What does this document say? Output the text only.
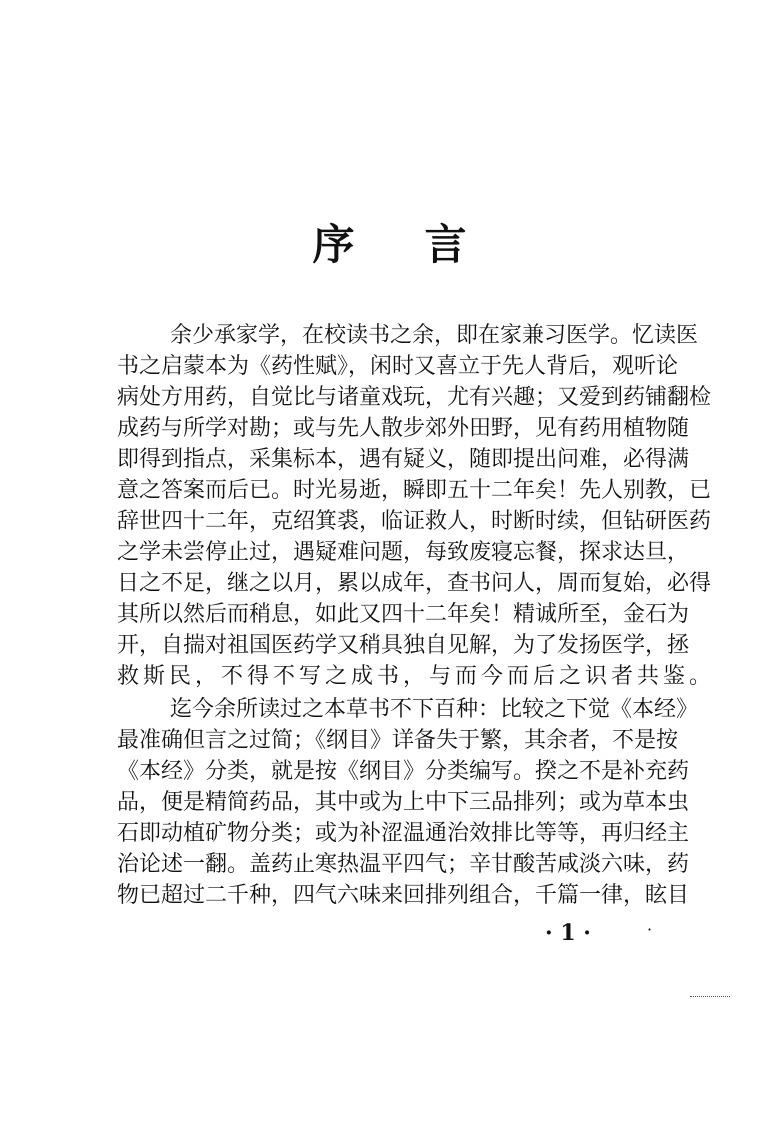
序 言
余少承家学，在校读书之余，即在家兼习医学。忆读医
书之启蒙本为《药性赋》，闲时又喜立于先人背后，观听论
病处方用药，自觉比与诸童戏玩，尤有兴趣；又爱到药铺翻检
成药与所学对勘；或与先人散步郊外田野，见有药用植物随
即得到指点，采集标本，遇有疑义，随即提出问难，必得满
意之答案而后已。时光易逝，瞬即五十二年矣！先人别教，已
辞世四十二年，克绍箕裘，临证救人，时断时续，但钻研医药
之学未尝停止过，遇疑难问题，每致废寝忘餐，探求达旦，
日之不足，继之以月，累以成年，查书问人，周而复始，必得
其所以然后而稍息，如此又四十二年矣！精诚所至，金石为
开，自揣对祖国医药学又稍具独自见解，为了发扬医学，拯
救斯民，不得不写之成书，与而今而后之识者共鉴。
迄今余所读过之本草书不下百种：比较之下觉《本经》
最准确但言之过简；《纲目》详备失于繁，其余者，不是按
《本经》分类，就是按《纲目》分类编写。揆之不是补充药
品，便是精简药品，其中或为上中下三品排列；或为草本虫
石即动植矿物分类；或为补涩温通治效排比等等，再归经主
治论述一翻。盖药止寒热温平四气；辛甘酸苦咸淡六味，药
物已超过二千种，四气六味来回排列组合，千篇一律，眩目
· 1 ·	·
